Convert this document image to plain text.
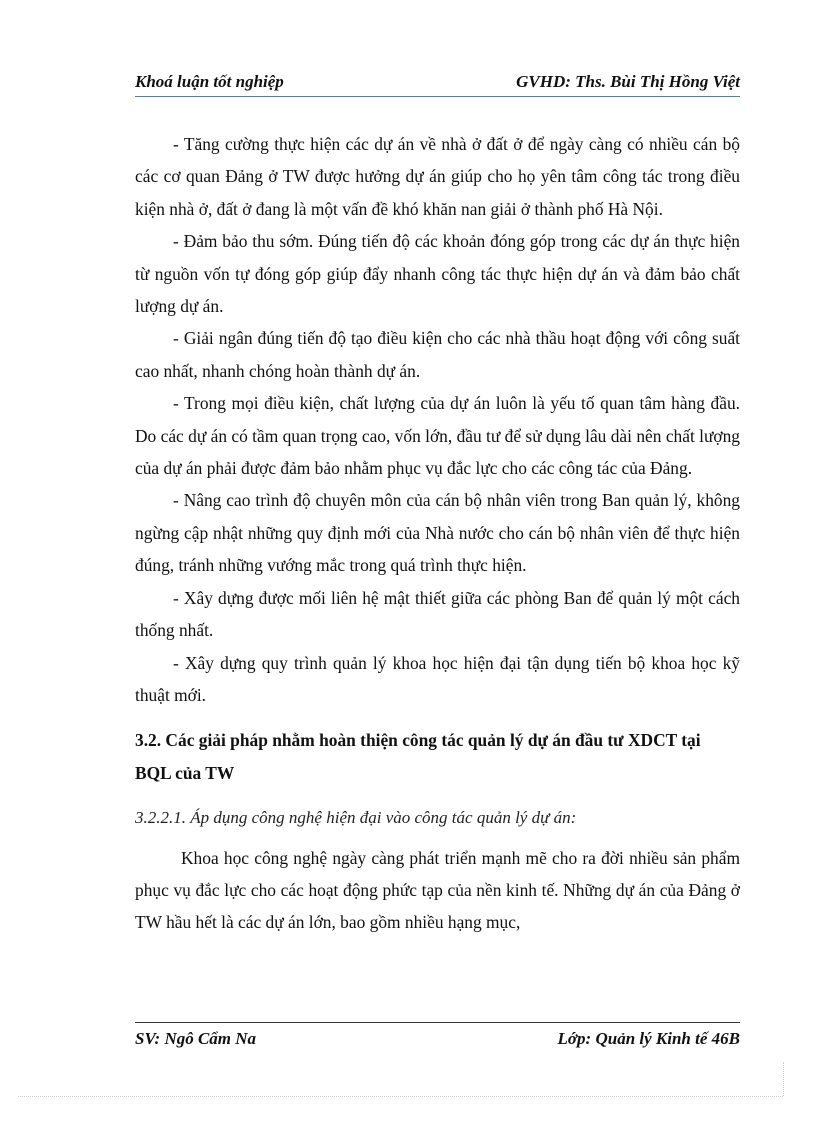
Khoá luận tốt nghiệp	GVHD: Ths. Bùi Thị Hồng Việt

- Tăng cường thực hiện các dự án về nhà ở đất ở để ngày càng có nhiều cán bộ các cơ quan Đảng ở TW được hưởng dự án giúp cho họ yên tâm công tác trong điều kiện nhà ở, đất ở đang là một vấn đề khó khăn nan giải ở thành phố Hà Nội.

- Đảm bảo thu sớm. Đúng tiến độ các khoản đóng góp trong các dự án thực hiện từ nguồn vốn tự đóng góp giúp đẩy nhanh công tác thực hiện dự án và đảm bảo chất lượng dự án.

- Giải ngân đúng tiến độ tạo điều kiện cho các nhà thầu hoạt động với công suất cao nhất, nhanh chóng hoàn thành dự án.

- Trong mọi điều kiện, chất lượng của dự án luôn là yếu tố quan tâm hàng đầu. Do các dự án có tầm quan trọng cao, vốn lớn, đầu tư để sử dụng lâu dài nên chất lượng của dự án phải được đảm bảo nhằm phục vụ đắc lực cho các công tác của Đảng.

- Nâng cao trình độ chuyên môn của cán bộ nhân viên trong Ban quản lý, không ngừng cập nhật những quy định mới của Nhà nước cho cán bộ nhân viên để thực hiện đúng, tránh những vướng mắc trong quá trình thực hiện.

- Xây dựng được mối liên hệ mật thiết giữa các phòng Ban để quản lý một cách thống nhất.

- Xây dựng quy trình quản lý khoa học hiện đại tận dụng tiến bộ khoa học kỹ thuật mới.

3.2. Các giải pháp nhằm hoàn thiện công tác quản lý dự án đầu tư XDCT tại BQL của TW

3.2.2.1. Áp dụng công nghệ hiện đại vào công tác quản lý dự án:

Khoa học công nghệ ngày càng phát triển mạnh mẽ cho ra đời nhiều sản phẩm phục vụ đắc lực cho các hoạt động phức tạp của nền kinh tế. Những dự án của Đảng ở TW hầu hết là các dự án lớn, bao gồm nhiều hạng mục,

SV: Ngô Cẩm Na	Lớp: Quản lý Kinh tế 46B
